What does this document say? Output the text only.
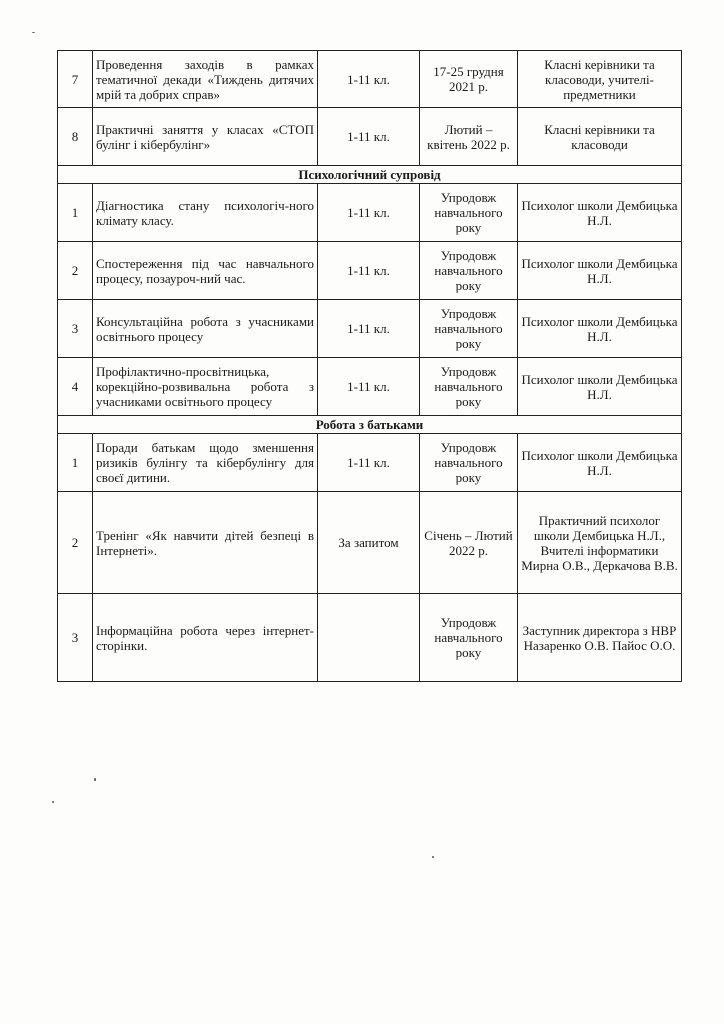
7	Проведення заходів в рамках тематичної декади «Тиждень дитячих мрій та добрих справ»	1-11 кл.	17-25 грудня 2021 р.	Класні керівники та класоводи, учителі-предметники
8	Практичні заняття у класах «СТОП булінг і кібербулінг»	1-11 кл.	Лютий – квітень 2022 р.	Класні керівники та класоводи
Психологічний супровід				
1	Діагностика стану психологіч-ного клімату класу.	1-11 кл.	Упродовж навчального року	Психолог школи Дембицька Н.Л.
2	Спостереження під час навчального процесу, позауроч-ний час.	1-11 кл.	Упродовж навчального року	Психолог школи Дембицька Н.Л.
3	Консультаційна робота з учасниками освітнього процесу	1-11 кл.	Упродовж навчального року	Психолог школи Дембицька Н.Л.
4	Профілактично-просвітницька, корекційно-розвивальна робота з учасниками освітнього процесу	1-11 кл.	Упродовж навчального року	Психолог школи Дембицька Н.Л.
Робота з батьками				
1	Поради батькам щодо зменшення ризиків булінгу та кібербулінгу для своєї дитини.	1-11 кл.	Упродовж навчального року	Психолог школи Дембицька Н.Л.
2	Тренінг «Як навчити дітей безпеці в Інтернеті».	За запитом	Січень – Лютий 2022 р.	Практичний психолог школи Дембицька Н.Л., Вчителі інформатики Мирна О.В., Деркачова В.В.
3	Інформаційна робота через інтернет-сторінки.		Упродовж навчального року	Заступник директора з НВР Назаренко О.В. Пайос О.О.
